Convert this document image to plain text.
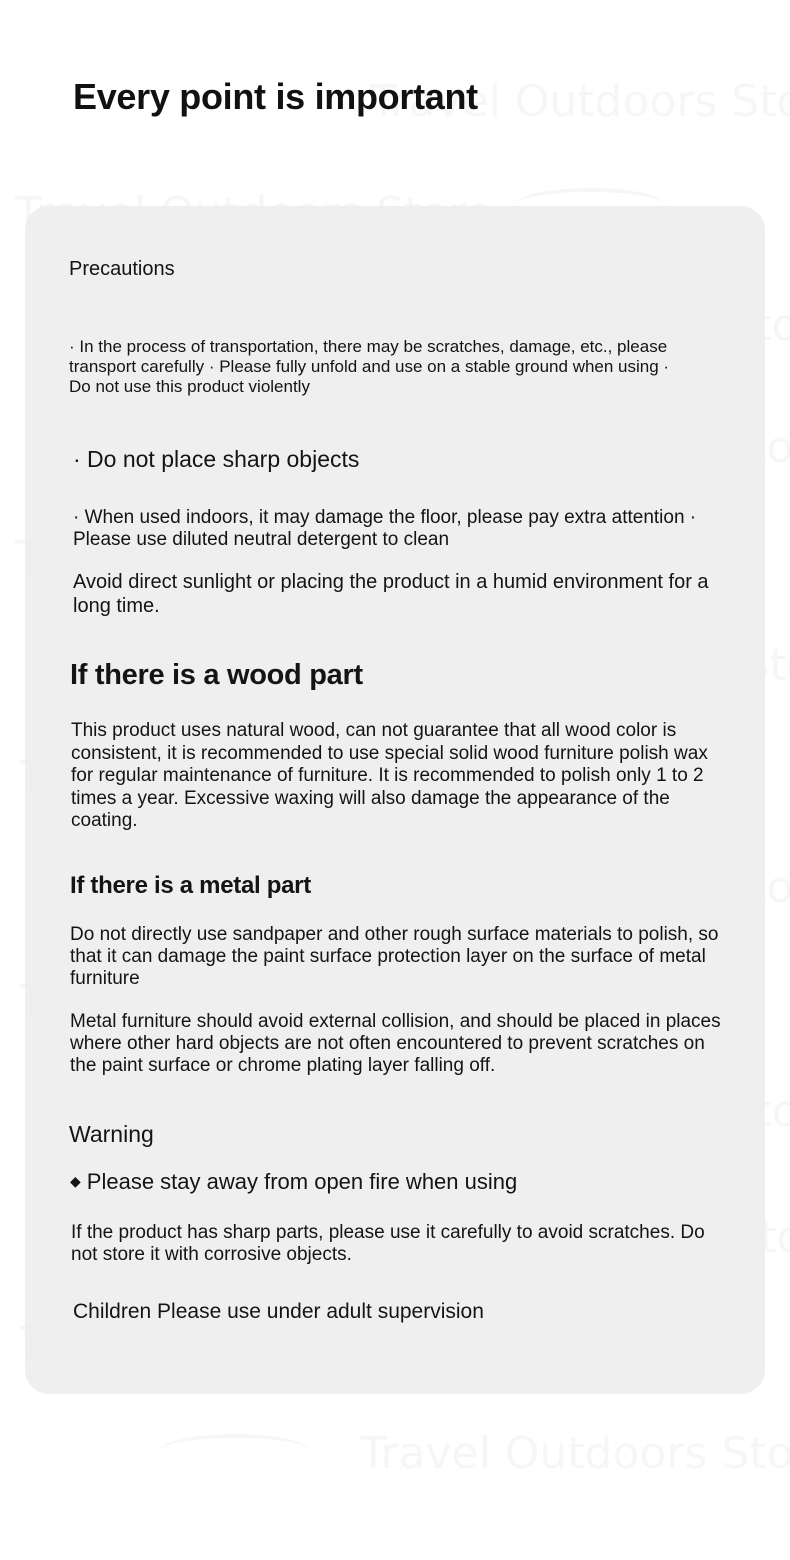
Every point is important

Precautions

· In the process of transportation, there may be scratches, damage, etc., please transport carefully · Please fully unfold and use on a stable ground when using · Do not use this product violently

· Do not place sharp objects

· When used indoors, it may damage the floor, please pay extra attention · Please use diluted neutral detergent to clean

Avoid direct sunlight or placing the product in a humid environment for a long time.

If there is a wood part

This product uses natural wood, can not guarantee that all wood color is consistent, it is recommended to use special solid wood furniture polish wax for regular maintenance of furniture. It is recommended to polish only 1 to 2 times a year. Excessive waxing will also damage the appearance of the coating.

If there is a metal part

Do not directly use sandpaper and other rough surface materials to polish, so that it can damage the paint surface protection layer on the surface of metal furniture

Metal furniture should avoid external collision, and should be placed in places where other hard objects are not often encountered to prevent scratches on the paint surface or chrome plating layer falling off.

Warning

◆ Please stay away from open fire when using

If the product has sharp parts, please use it carefully to avoid scratches. Do not store it with corrosive objects.

Children Please use under adult supervision
